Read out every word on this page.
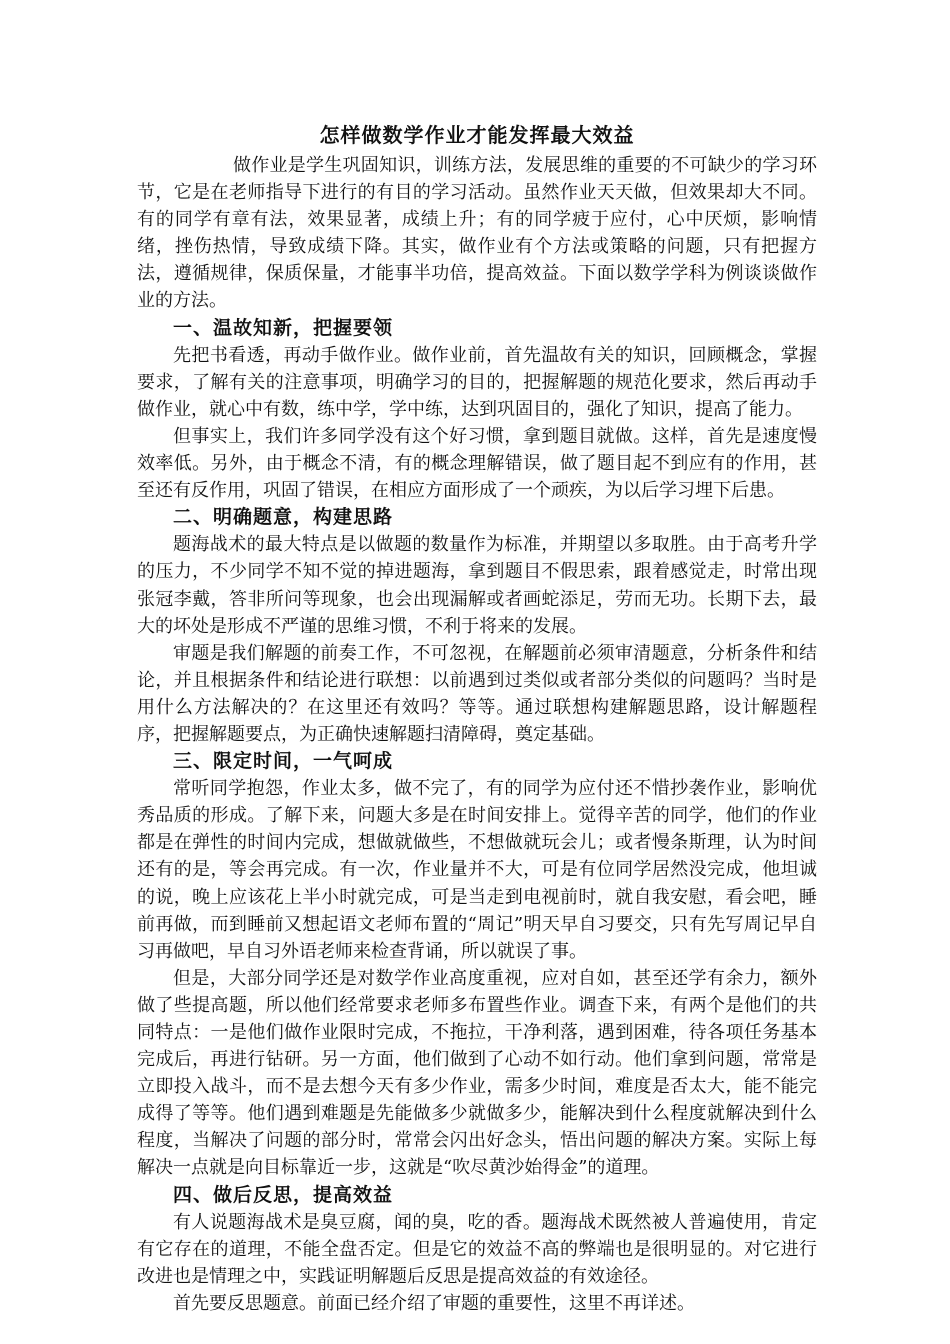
怎样做数学作业才能发挥最大效益

做作业是学生巩固知识，训练方法，发展思维的重要的不可缺少的学习环节，它是在老师指导下进行的有目的学习活动。虽然作业天天做，但效果却大不同。有的同学有章有法，效果显著，成绩上升；有的同学疲于应付，心中厌烦，影响情绪，挫伤热情，导致成绩下降。其实，做作业有个方法或策略的问题，只有把握方法，遵循规律，保质保量，才能事半功倍，提高效益。下面以数学学科为例谈谈做作业的方法。

一、温故知新，把握要领

先把书看透，再动手做作业。做作业前，首先温故有关的知识，回顾概念，掌握要求，了解有关的注意事项，明确学习的目的，把握解题的规范化要求，然后再动手做作业，就心中有数，练中学，学中练，达到巩固目的，强化了知识，提高了能力。

但事实上，我们许多同学没有这个好习惯，拿到题目就做。这样，首先是速度慢效率低。另外，由于概念不清，有的概念理解错误，做了题目起不到应有的作用，甚至还有反作用，巩固了错误，在相应方面形成了一个顽疾，为以后学习埋下后患。

二、明确题意，构建思路

题海战术的最大特点是以做题的数量作为标准，并期望以多取胜。由于高考升学的压力，不少同学不知不觉的掉进题海，拿到题目不假思索，跟着感觉走，时常出现张冠李戴，答非所问等现象，也会出现漏解或者画蛇添足，劳而无功。长期下去，最大的坏处是形成不严谨的思维习惯，不利于将来的发展。

审题是我们解题的前奏工作，不可忽视，在解题前必须审清题意，分析条件和结论，并且根据条件和结论进行联想：以前遇到过类似或者部分类似的问题吗？当时是用什么方法解决的？在这里还有效吗？等等。通过联想构建解题思路，设计解题程序，把握解题要点，为正确快速解题扫清障碍，奠定基础。

三、限定时间，一气呵成

常听同学抱怨，作业太多，做不完了，有的同学为应付还不惜抄袭作业，影响优秀品质的形成。了解下来，问题大多是在时间安排上。觉得辛苦的同学，他们的作业都是在弹性的时间内完成，想做就做些，不想做就玩会儿；或者慢条斯理，认为时间还有的是，等会再完成。有一次，作业量并不大，可是有位同学居然没完成，他坦诚的说，晚上应该花上半小时就完成，可是当走到电视前时，就自我安慰，看会吧，睡前再做，而到睡前又想起语文老师布置的“周记”明天早自习要交，只有先写周记早自习再做吧，早自习外语老师来检查背诵，所以就误了事。

但是，大部分同学还是对数学作业高度重视，应对自如，甚至还学有余力，额外做了些提高题，所以他们经常要求老师多布置些作业。调查下来，有两个是他们的共同特点：一是他们做作业限时完成，不拖拉，干净利落，遇到困难，待各项任务基本完成后，再进行钻研。另一方面，他们做到了心动不如行动。他们拿到问题，常常是立即投入战斗，而不是去想今天有多少作业，需多少时间，难度是否太大，能不能完成得了等等。他们遇到难题是先能做多少就做多少，能解决到什么程度就解决到什么程度，当解决了问题的部分时，常常会闪出好念头，悟出问题的解决方案。实际上每解决一点就是向目标靠近一步，这就是“吹尽黄沙始得金”的道理。

四、做后反思，提高效益

有人说题海战术是臭豆腐，闻的臭，吃的香。题海战术既然被人普遍使用，肯定有它存在的道理，不能全盘否定。但是它的效益不高的弊端也是很明显的。对它进行改进也是情理之中，实践证明解题后反思是提高效益的有效途径。

首先要反思题意。前面已经介绍了审题的重要性，这里不再详述。
